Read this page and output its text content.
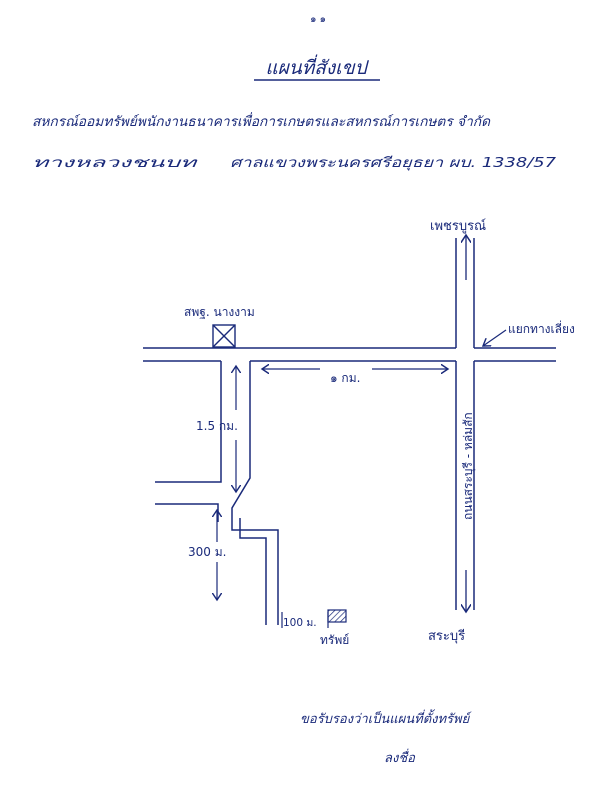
๑ ๑
แผนที่สังเขป
สหกรณ์ออมทรัพย์พนักงานธนาคารเพื่อการเกษตรและสหกรณ์การเกษตร จำกัด
ทางหลวงชนบท ศาลแขวงพระนครศรีอยุธยา ผบ. 1338/57
สพฐ. นางงาม
เพชรบูรณ์
สระบุรี
แยกทางเลี่ยง
ถนนสระบุรี - หล่มสัก
๑ กม.
1.5 กม.
300 ม.
100 ม.
ทรัพย์
ขอรับรองว่าเป็นแผนที่ตั้งทรัพย์
ลงชื่อ
